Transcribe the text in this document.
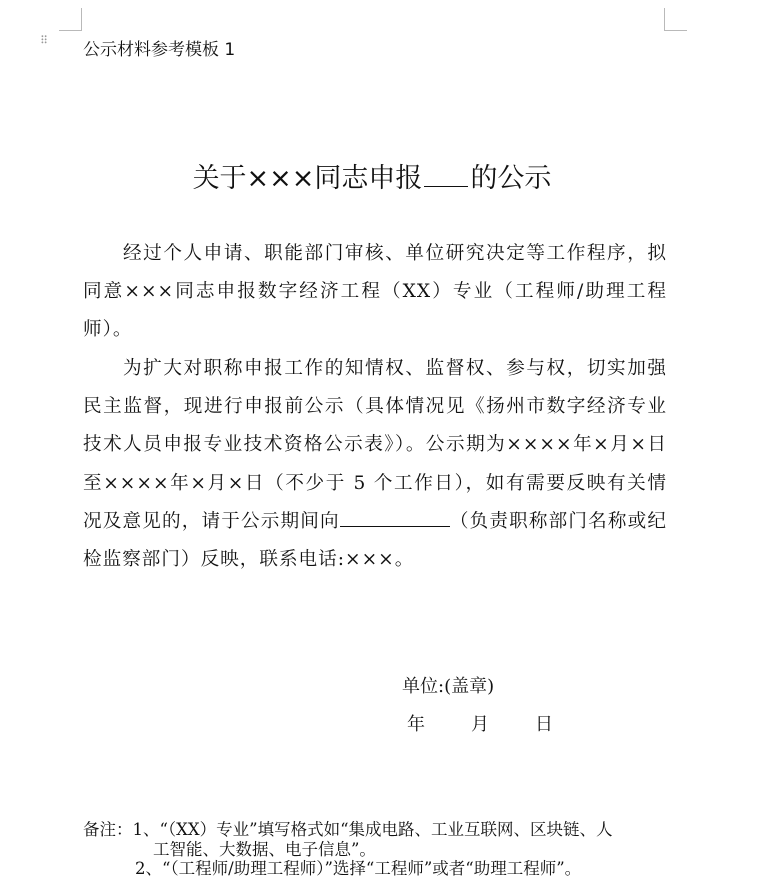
⠿ 公示材料参考模板 1
关于×××同志申报 的公示

经过个人申请、职能部门审核、单位研究决定等工作程序，拟同意×××同志申报数字经济工程（XX）专业（工程师/助理工程师）。

为扩大对职称申报工作的知情权、监督权、参与权，切实加强民主监督，现进行申报前公示（具体情况见《扬州市数字经济专业技术人员申报专业技术资格公示表》）。公示期为××××年×月×日至××××年×月×日（不少于 5 个工作日），如有需要反映有关情况及意见的，请于公示期间向	（负责职称部门名称或纪检监察部门）反映，联系电话:×××。

单位:(盖章)
年	月	日
备注：1、“（XX）专业”填写格式如“集成电路、工业互联网、区块链、人
工智能、大数据、电子信息”。
2、“（工程师/助理工程师）”选择“工程师”或者“助理工程师”。
